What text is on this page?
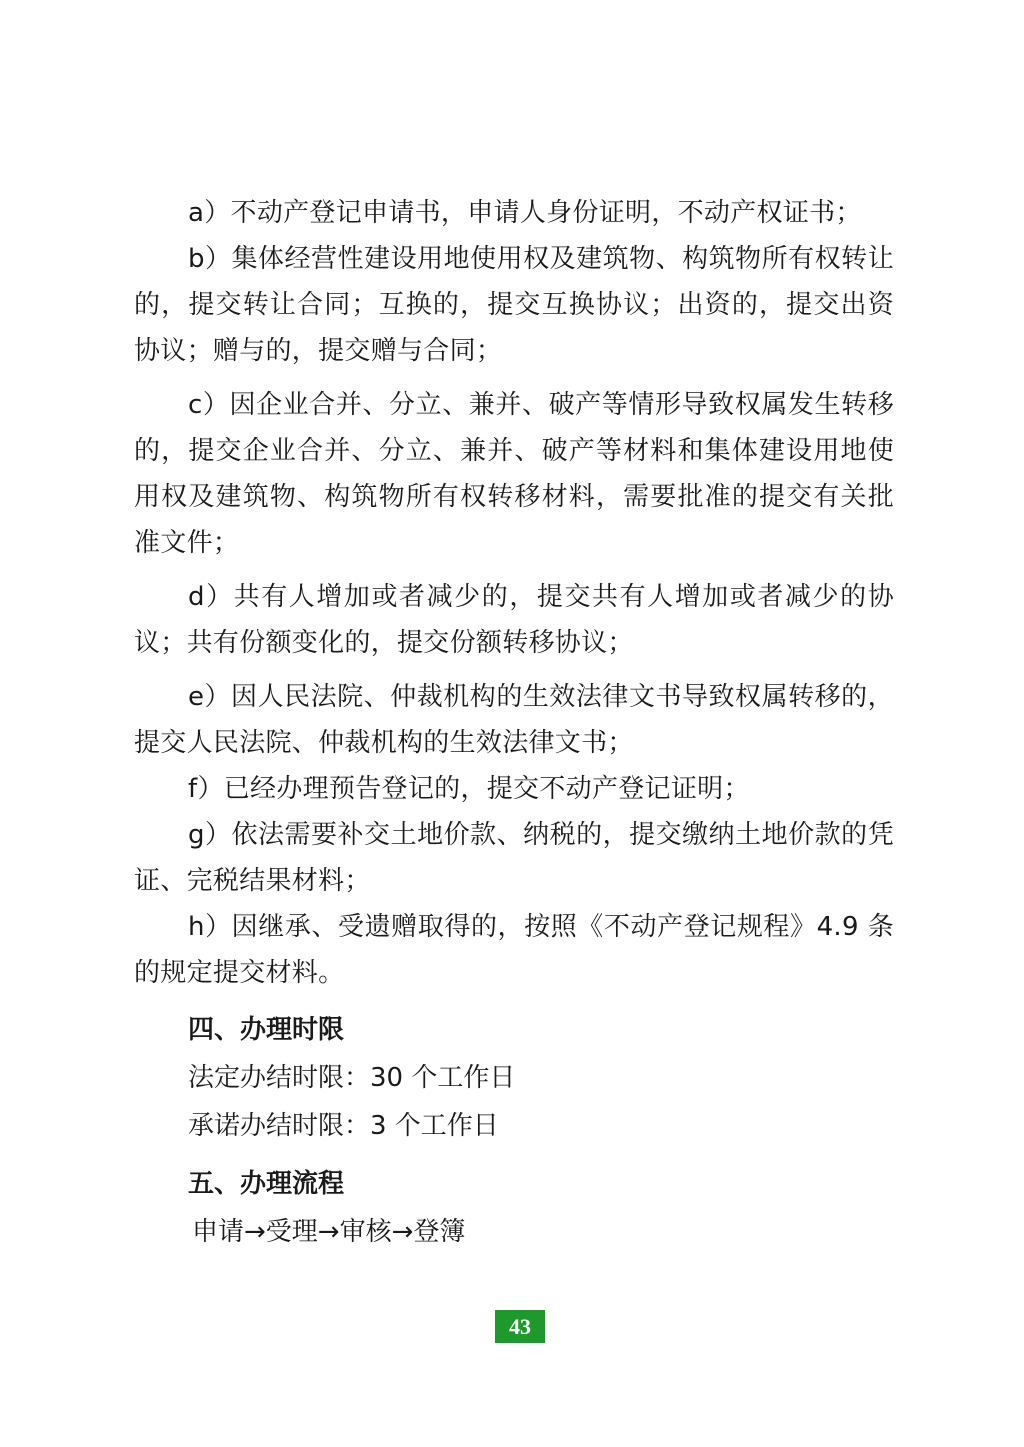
a）不动产登记申请书，申请人身份证明，不动产权证书；

b）集体经营性建设用地使用权及建筑物、构筑物所有权转让的，提交转让合同；互换的，提交互换协议；出资的，提交出资协议；赠与的，提交赠与合同；

c）因企业合并、分立、兼并、破产等情形导致权属发生转移的，提交企业合并、分立、兼并、破产等材料和集体建设用地使用权及建筑物、构筑物所有权转移材料，需要批准的提交有关批准文件；

d）共有人增加或者减少的，提交共有人增加或者减少的协议；共有份额变化的，提交份额转移协议；

e）因人民法院、仲裁机构的生效法律文书导致权属转移的，提交人民法院、仲裁机构的生效法律文书；

f）已经办理预告登记的，提交不动产登记证明；

g）依法需要补交土地价款、纳税的，提交缴纳土地价款的凭证、完税结果材料；

h）因继承、受遗赠取得的，按照《不动产登记规程》4.9 条的规定提交材料。

四、办理时限

法定办结时限：30 个工作日

承诺办结时限：3 个工作日

五、办理流程

申请→受理→审核→登簿

43
